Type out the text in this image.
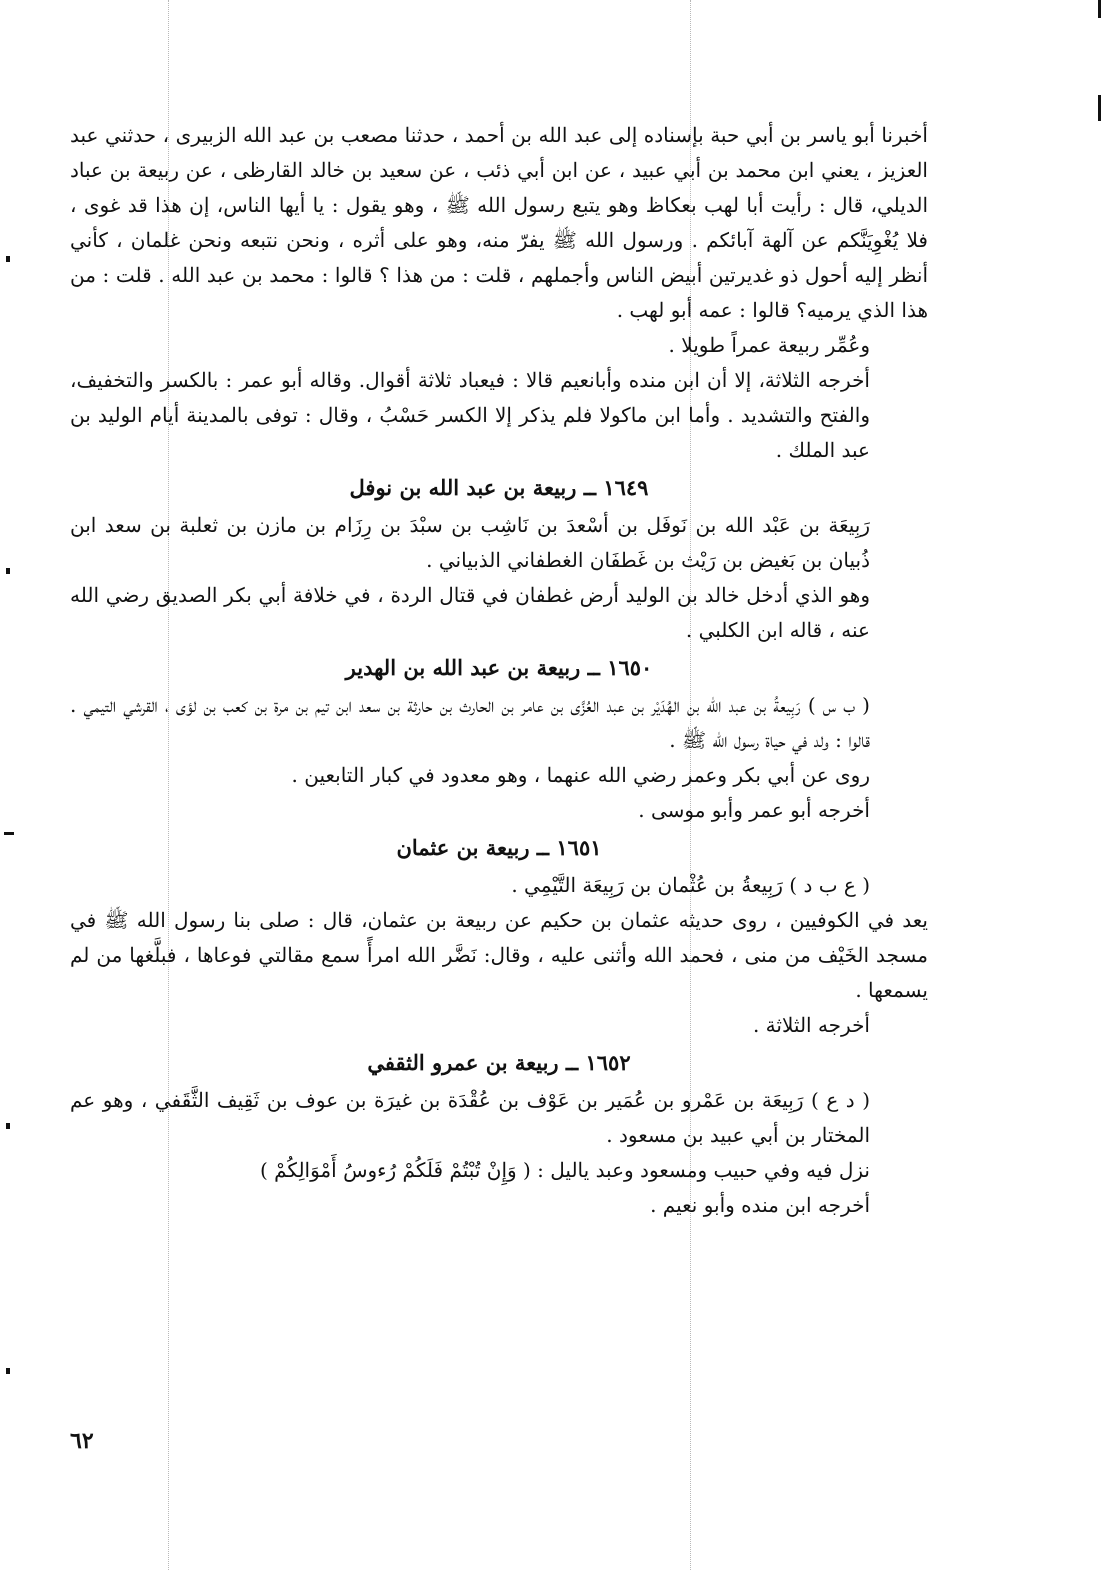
أخبرنا أبو ياسر بن أبي حبة بإسناده إلى عبد الله بن أحمد ، حدثنا مصعب بن عبد الله الزبيرى ، حدثني عبد العزيز ، يعني ابن محمد بن أبي عبيد ، عن ابن أبي ذئب ، عن سعيد بن خالد القارظى ، عن ربيعة بن عباد الديلي، قال : رأيت أبا لهب بعكاظ وهو يتبع رسول الله ﷺ ، وهو يقول : يا أيها الناس، إن هذا قد غوى ، فلا يُغْوِيَنَّكم عن آلهة آبائكم . ورسول الله ﷺ يفرّ منه، وهو على أثره ، ونحن نتبعه ونحن غلمان ، كأني أنظر إليه أحول ذو غديرتين أبيض الناس وأجملهم ، قلت : من هذا ؟ قالوا : محمد بن عبد الله . قلت : من هذا الذي يرميه؟ قالوا : عمه أبو لهب .

وعُمِّر ربيعة عمراً طويلا .

أخرجه الثلاثة، إلا أن ابن منده وأبانعيم قالا : فيعباد ثلاثة أقوال. وقاله أبو عمر : بالكسر والتخفيف، والفتح والتشديد . وأما ابن ماكولا فلم يذكر إلا الكسر حَسْبُ ، وقال : توفى بالمدينة أيام الوليد بن عبد الملك .

١٦٤٩ ــ ربيعة بن عبد الله بن نوفل

رَبِيعَة بن عَبْد الله بن نَوفَل بن أسْعدَ بن نَاشِب بن سبْدَ بن رِزَام بن مازن بن ثعلبة بن سعد ابن ذُبيان بن بَغيض بن رَيْث بن غَطفَان الغطفاني الذبياني .

وهو الذي أدخل خالد بن الوليد أرض غطفان في قتال الردة ، في خلافة أبي بكر الصديق رضي الله عنه ، قاله ابن الكلبي .

١٦٥٠ ــ ربيعة بن عبد الله بن الهدير

( ب س ) رَبِيعةُ بن عبد الله بن الهُدَيْر بن عبد العُزَّى بن عامر بن الحارث بن حارثة بن سعد ابن تيم بن مرة بن كعب بن لؤى ، القرشي التيمي . قالوا : ولد في حياة رسول الله ﷺ .

روى عن أبي بكر وعمر رضي الله عنهما ، وهو معدود في كبار التابعين .

أخرجه أبو عمر وأبو موسى .

١٦٥١ ــ ربيعة بن عثمان

( ع ب د ) رَبِيعةُ بن عُثْمان بن رَبِيعَة التَّيْمِي .

يعد في الكوفيين ، روى حديثه عثمان بن حكيم عن ربيعة بن عثمان، قال : صلى بنا رسول الله ﷺ في مسجد الخَيْف من منى ، فحمد الله وأثنى عليه ، وقال: نَضَّر الله امرأً سمع مقالتي فوعاها ، فبلَّغها من لم يسمعها .

أخرجه الثلاثة .

١٦٥٢ ــ ربيعة بن عمرو الثقفي

( د ع ) رَبِيعَة بن عَمْرو بن عُمَير بن عَوْف بن عُقْدَة بن غيرَة بن عوف بن ثَقِيف الثَّقَفي ، وهو عم المختار بن أبي عبيد بن مسعود .

نزل فيه وفي حبيب ومسعود وعبد ياليل : ( وَإِنْ تُبْتُمْ فَلَكُمْ رُءوسُ أَمْوَالِكُمْ )

أخرجه ابن منده وأبو نعيم .

٦٢
